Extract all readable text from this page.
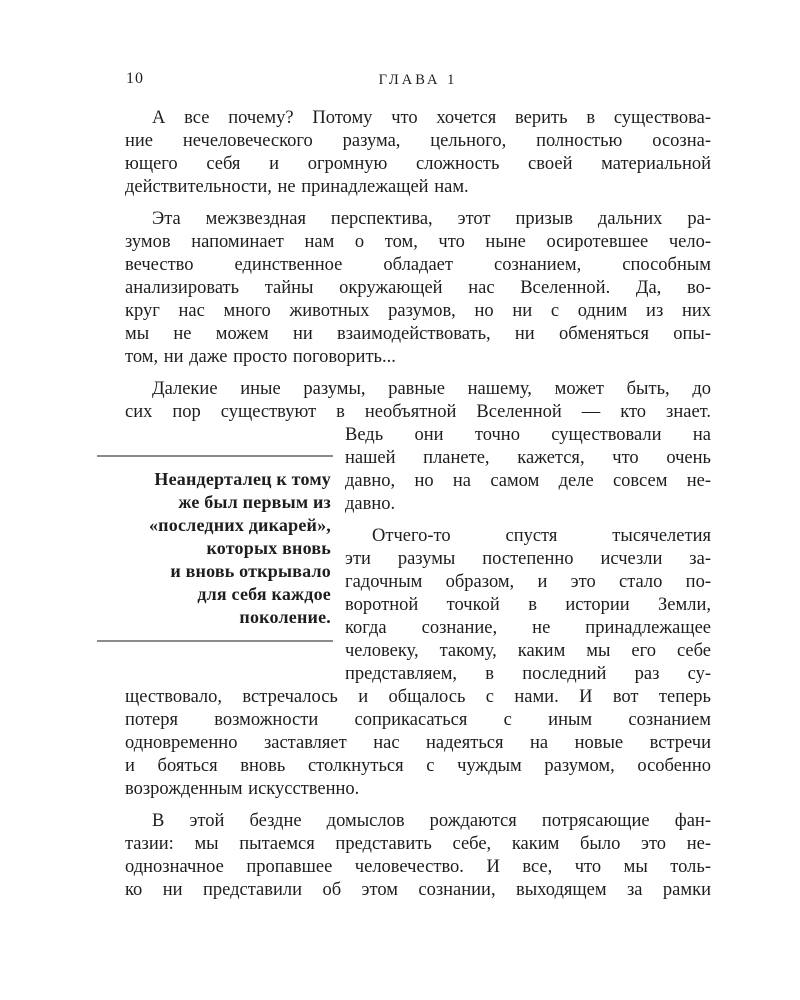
10	ГЛАВА 1
А все почему? Потому что хочется верить в существова-
ние нечеловеческого разума, цельного, полностью осозна-
ющего себя и огромную сложность своей материальной
действительности, не принадлежащей нам.
Эта межзвездная перспектива, этот призыв дальних ра-
зумов напоминает нам о том, что ныне осиротевшее чело-
вечество единственное обладает сознанием, способным
анализировать тайны окружающей нас Вселенной. Да, во-
круг нас много животных разумов, но ни с одним из них
мы не можем ни взаимодействовать, ни обменяться опы-
том, ни даже просто поговорить...
Далекие иные разумы, равные нашему, может быть, до
сих пор существуют в необъятной Вселенной — кто знает.
Ведь они точно существовали на
нашей планете, кажется, что очень
давно, но на самом деле совсем не-
давно.
Отчего-то спустя тысячелетия
эти разумы постепенно исчезли за-
гадочным образом, и это стало по-
воротной точкой в истории Земли,
когда сознание, не принадлежащее
человеку, такому, каким мы его себе
представляем, в последний раз су-
ществовало, встречалось и общалось с нами. И вот теперь
потеря возможности соприкасаться с иным сознанием
одновременно заставляет нас надеяться на новые встречи
и бояться вновь столкнуться с чуждым разумом, особенно
возрожденным искусственно.
В этой бездне домыслов рождаются потрясающие фан-
тазии: мы пытаемся представить себе, каким было это не-
однозначное пропавшее человечество. И все, что мы толь-
ко ни представили об этом сознании, выходящем за рамки
Неандерталец к тому
же был первым из
«последних дикарей»,
которых вновь
и вновь открывало
для себя каждое
поколение.
